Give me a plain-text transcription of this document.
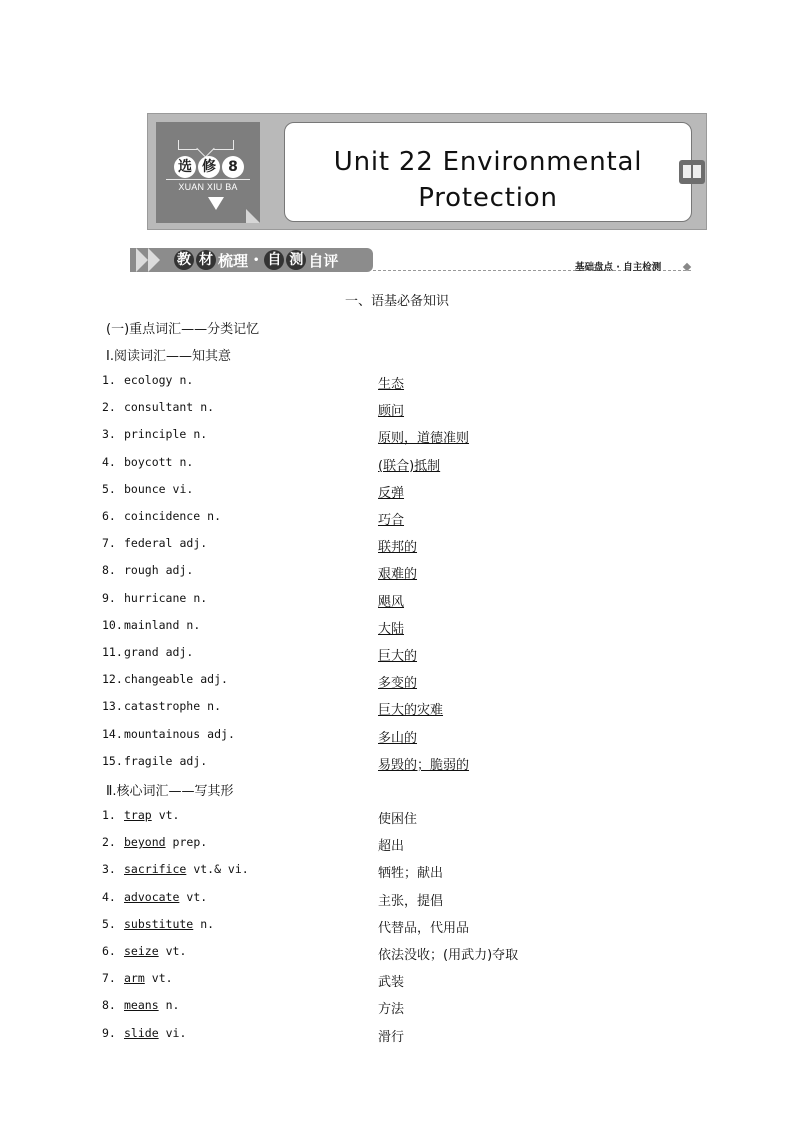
选 修 8
XUAN XIU BA
Unit 22 Environmental
Protection
教 材 梳理 • 自 测 自评	基础盘点 · 自主检测
一、语基必备知识
(一)重点词汇——分类记忆
Ⅰ.阅读词汇——知其意
1. ecology n.	生态
2. consultant n.	顾问
3. principle n.	原则，道德准则
4. boycott n.	(联合)抵制
5. bounce vi.	反弹
6. coincidence n.	巧合
7. federal adj.	联邦的
8. rough adj.	艰难的
9. hurricane n.	飓风
10.mainland n.	大陆
11.grand adj.	巨大的
12.changeable adj.	多变的
13.catastrophe n.	巨大的灾难
14.mountainous adj.	多山的
15.fragile adj.	易毁的；脆弱的
Ⅱ.核心词汇——写其形
1. trap vt.	使困住
2. beyond prep.	超出
3. sacrifice vt.& vi.	牺牲；献出
4. advocate vt.	主张，提倡
5. substitute n.	代替品，代用品
6. seize vt.	依法没收；(用武力)夺取
7. arm vt.	武装
8. means n.	方法
9. slide vi.	滑行
